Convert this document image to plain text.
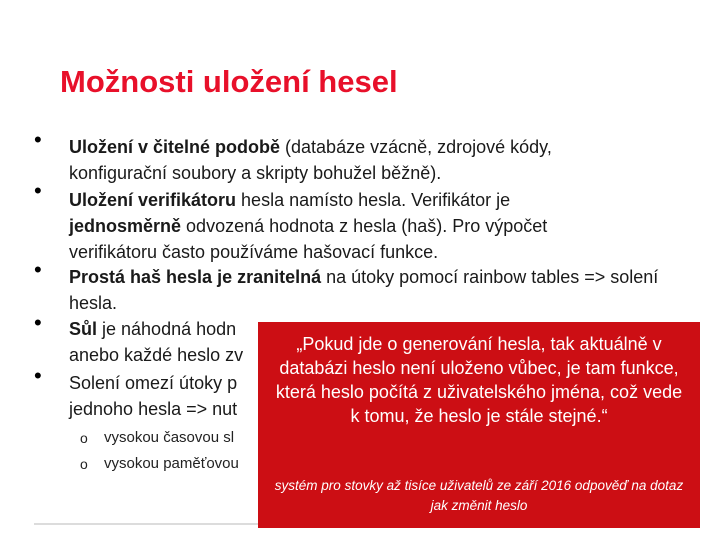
Možnosti uložení hesel
•
•
•
•
•
Uložení v čitelné podobě (databáze vzácně, zdrojové kódy, konfigurační soubory a skripty bohužel běžně).
Uložení verifikátoru hesla namísto hesla. Verifikátor je jednosměrně odvozená hodnota z hesla (haš). Pro výpočet verifikátoru často používáme hašovací funkce.
Prostá haš hesla je zranitelná na útoky pomocí rainbow tables => solení hesla.
Sůl je náhodná hodn
anebo každé heslo zv
Solení omezí útoky p
jednoho hesla => nut
o vysokou časovou sl
o vysokou paměťovou
„Pokud jde o generování hesla, tak aktuálně v databázi heslo není uloženo vůbec, je tam funkce, která heslo počítá z uživatelského jména, což vede k tomu, že heslo je stále stejné.“
systém pro stovky až tisíce uživatelů ze září 2016 odpověď na dotaz jak změnit heslo
